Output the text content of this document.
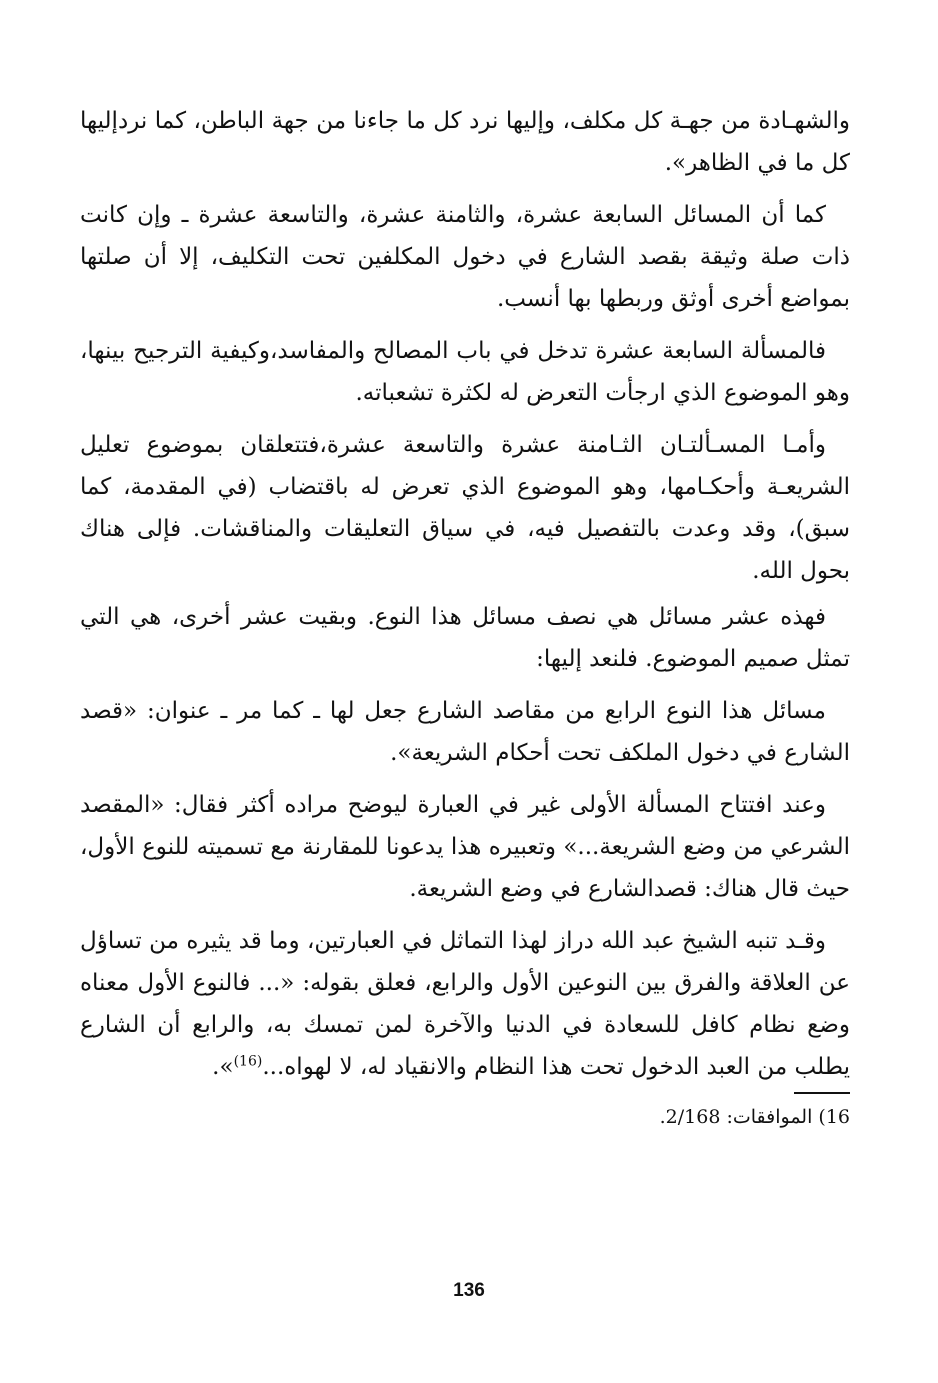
والشهـادة من جهـة كل مكلف، وإليها نرد كل ما جاءنا من جهة الباطن، كما نردإليها كل ما في الظاهر».

كما أن المسائل السابعة عشرة، والثامنة عشرة، والتاسعة عشرة ـ وإن كانت ذات صلة وثيقة بقصد الشارع في دخول المكلفين تحت التكليف، إلا أن صلتها بمواضع أخرى أوثق وربطها بها أنسب.

فالمسألة السابعة عشرة تدخل في باب المصالح والمفاسد،وكيفية الترجيح بينها، وهو الموضوع الذي ارجأت التعرض له لكثرة تشعباته.

وأمـا المسـألتـان الثـامنة عشرة والتاسعة عشرة،فتتعلقان بموضوع تعليل الشريعـة وأحكـامها، وهو الموضوع الذي تعرض له باقتضاب (في المقدمة، كما سبق)، وقد وعدت بالتفصيل فيه، في سياق التعليقات والمناقشات. فإلى هناك بحول الله.

فهذه عشر مسائل هي نصف مسائل هذا النوع. وبقيت عشر أخرى، هي التي تمثل صميم الموضوع. فلنعد إليها:

مسائل هذا النوع الرابع من مقاصد الشارع جعل لها ـ كما مر ـ عنوان: «قصد الشارع في دخول الملكف تحت أحكام الشريعة».

وعند افتتاح المسألة الأولى غير في العبارة ليوضح مراده أكثر فقال: «المقصد الشرعي من وضع الشريعة...» وتعبيره هذا يدعونا للمقارنة مع تسميته للنوع الأول، حيث قال هناك: قصدالشارع في وضع الشريعة.

وقـد تنبه الشيخ عبد الله دراز لهذا التماثل في العبارتين، وما قد يثيره من تساؤل عن العلاقة والفرق بين النوعين الأول والرابع، فعلق بقوله: «... فالنوع الأول معناه وضع نظام كافل للسعادة في الدنيا والآخرة لمن تمسك به، والرابع أن الشارع يطلب من العبد الدخول تحت هذا النظام والانقياد له، لا لهواه...$^{(16)}$».

16)الموافقات: 2/168.
136
